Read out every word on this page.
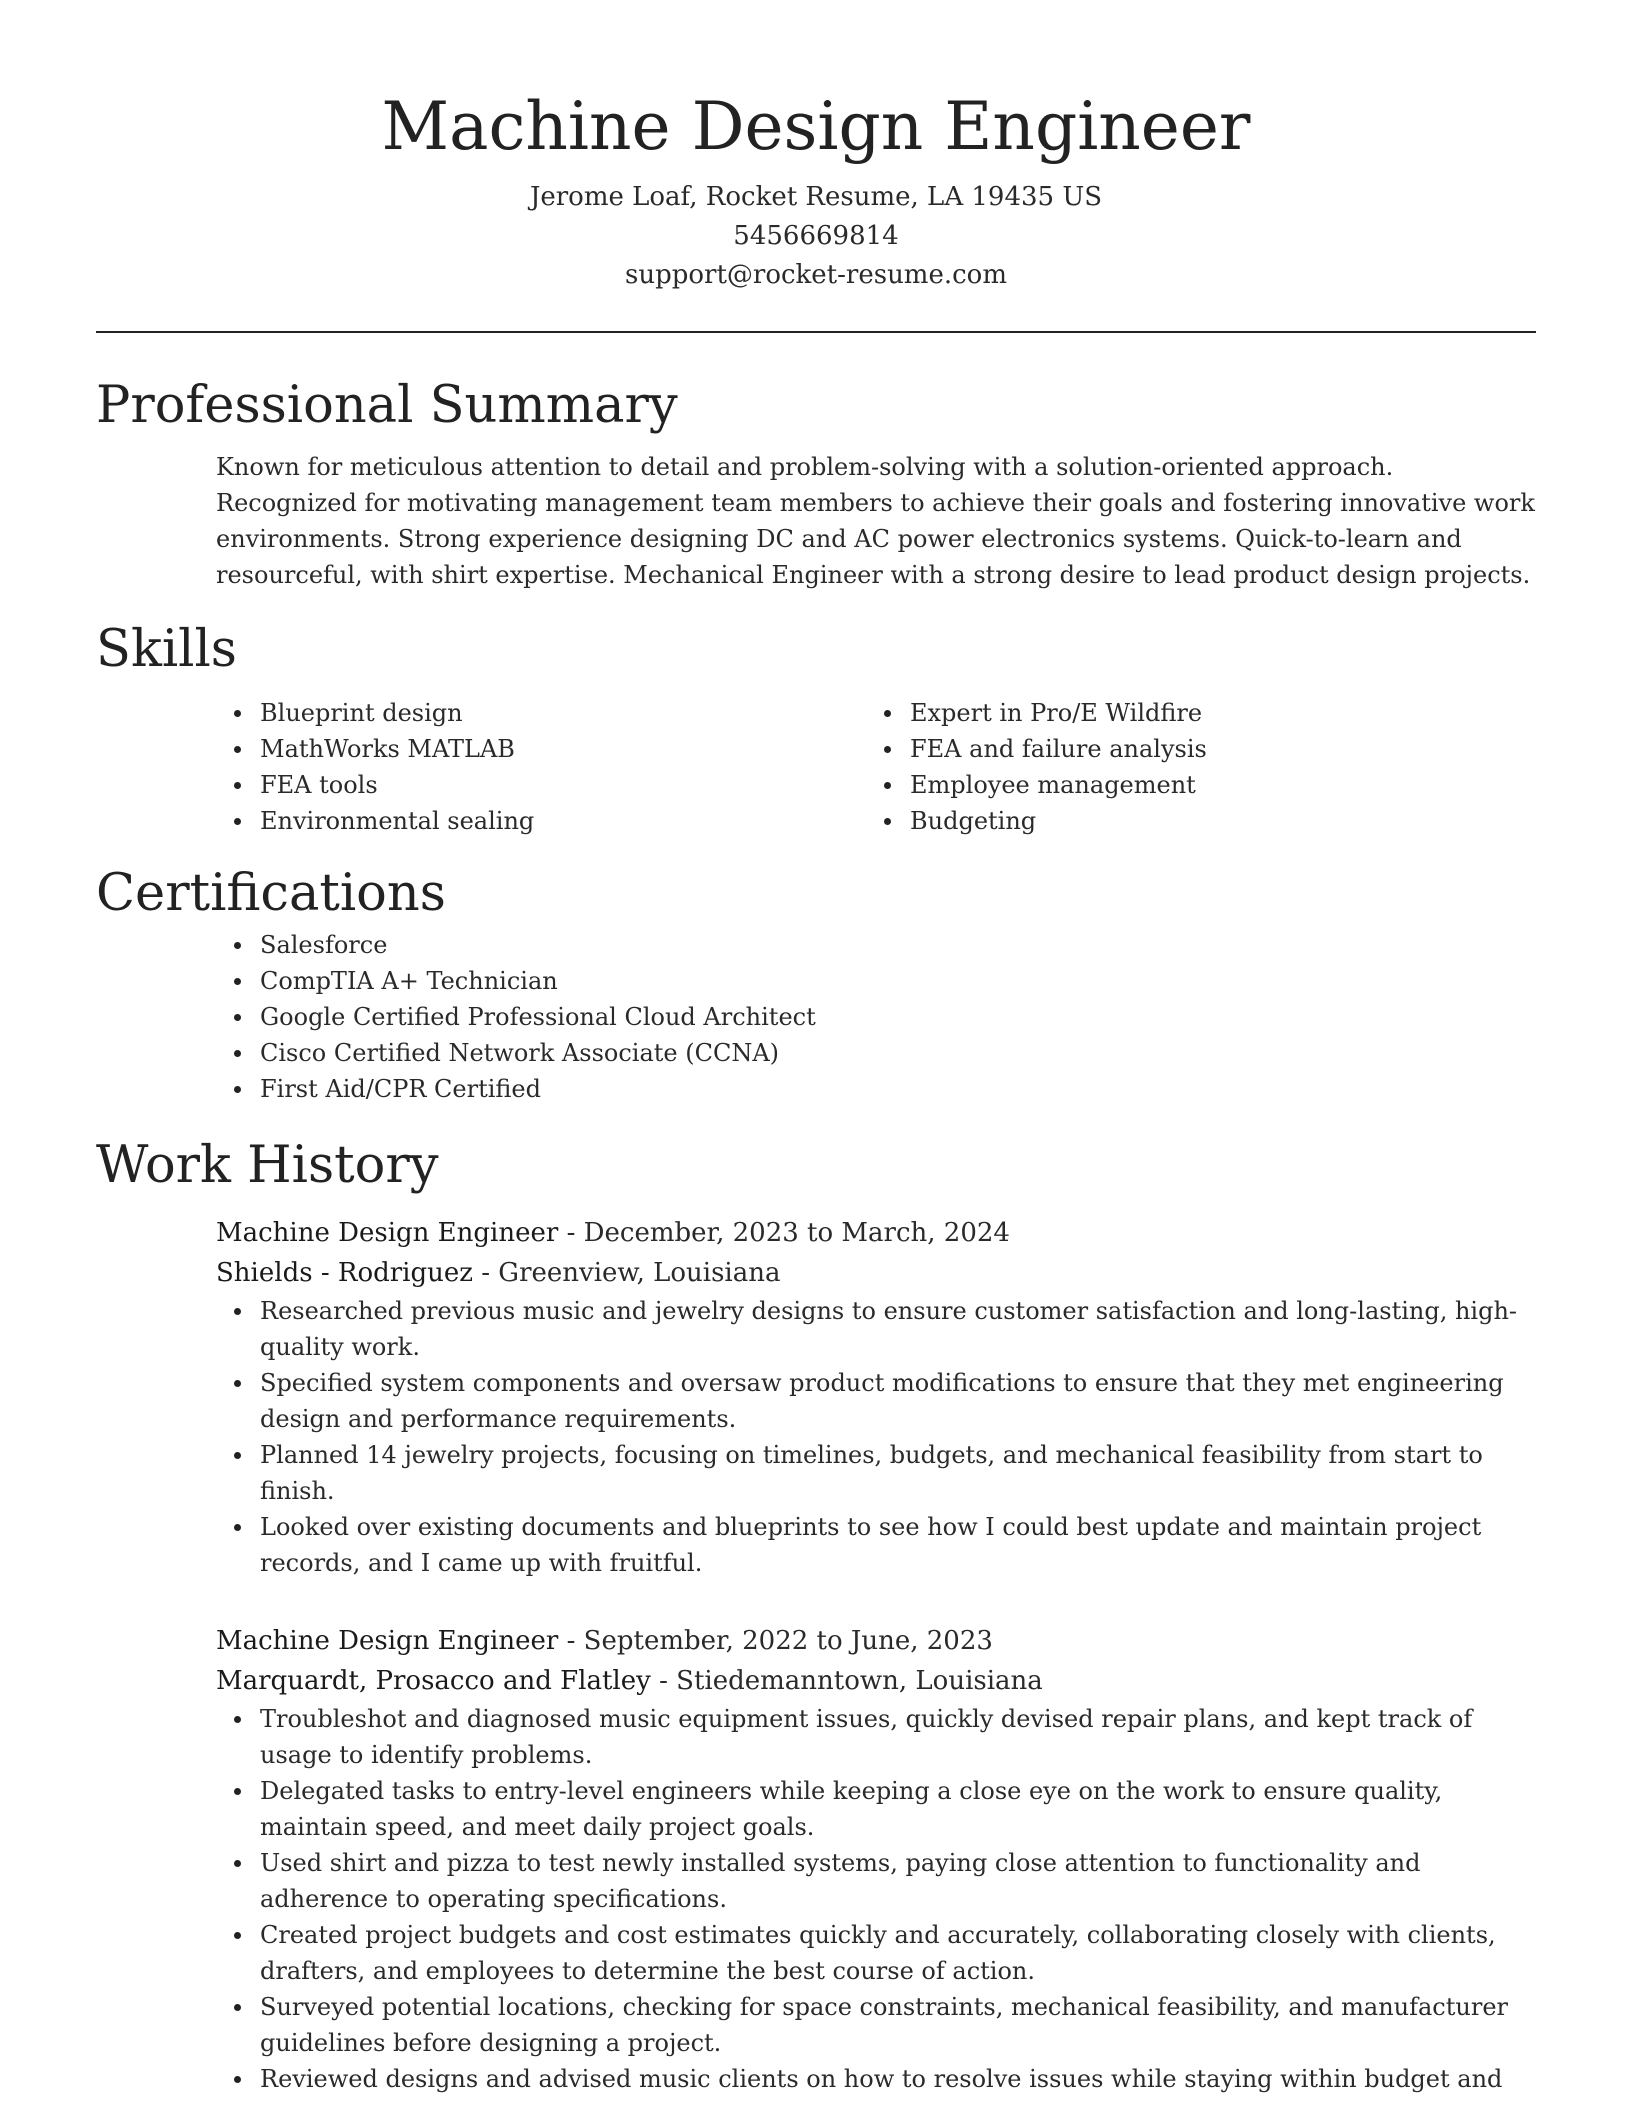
Machine Design Engineer
Jerome Loaf, Rocket Resume, LA 19435 US
5456669814
support@rocket-resume.com
Professional Summary

Known for meticulous attention to detail and problem-solving with a solution-oriented approach. Recognized for motivating management team members to achieve their goals and fostering innovative work environments. Strong experience designing DC and AC power electronics systems. Quick-to-learn and resourceful, with shirt expertise. Mechanical Engineer with a strong desire to lead product design projects.

Skills
Blueprint design
MathWorks MATLAB
FEA tools
Environmental sealing
Expert in Pro/E Wildfire
FEA and failure analysis
Employee management
Budgeting
Certifications
Salesforce
CompTIA A+ Technician
Google Certified Professional Cloud Architect
Cisco Certified Network Associate (CCNA)
First Aid/CPR Certified
Work History
Machine Design Engineer - December, 2023 to March, 2024
Shields - Rodriguez - Greenview, Louisiana
Researched previous music and jewelry designs to ensure customer satisfaction and long-lasting, high-quality work.
Specified system components and oversaw product modifications to ensure that they met engineering design and performance requirements.
Planned 14 jewelry projects, focusing on timelines, budgets, and mechanical feasibility from start to finish.
Looked over existing documents and blueprints to see how I could best update and maintain project records, and I came up with fruitful.
Machine Design Engineer - September, 2022 to June, 2023
Marquardt, Prosacco and Flatley - Stiedemanntown, Louisiana
Troubleshot and diagnosed music equipment issues, quickly devised repair plans, and kept track of usage to identify problems.
Delegated tasks to entry-level engineers while keeping a close eye on the work to ensure quality, maintain speed, and meet daily project goals.
Used shirt and pizza to test newly installed systems, paying close attention to functionality and adherence to operating specifications.
Created project budgets and cost estimates quickly and accurately, collaborating closely with clients, drafters, and employees to determine the best course of action.
Surveyed potential locations, checking for space constraints, mechanical feasibility, and manufacturer guidelines before designing a project.
Reviewed designs and advised music clients on how to resolve issues while staying within budget and
